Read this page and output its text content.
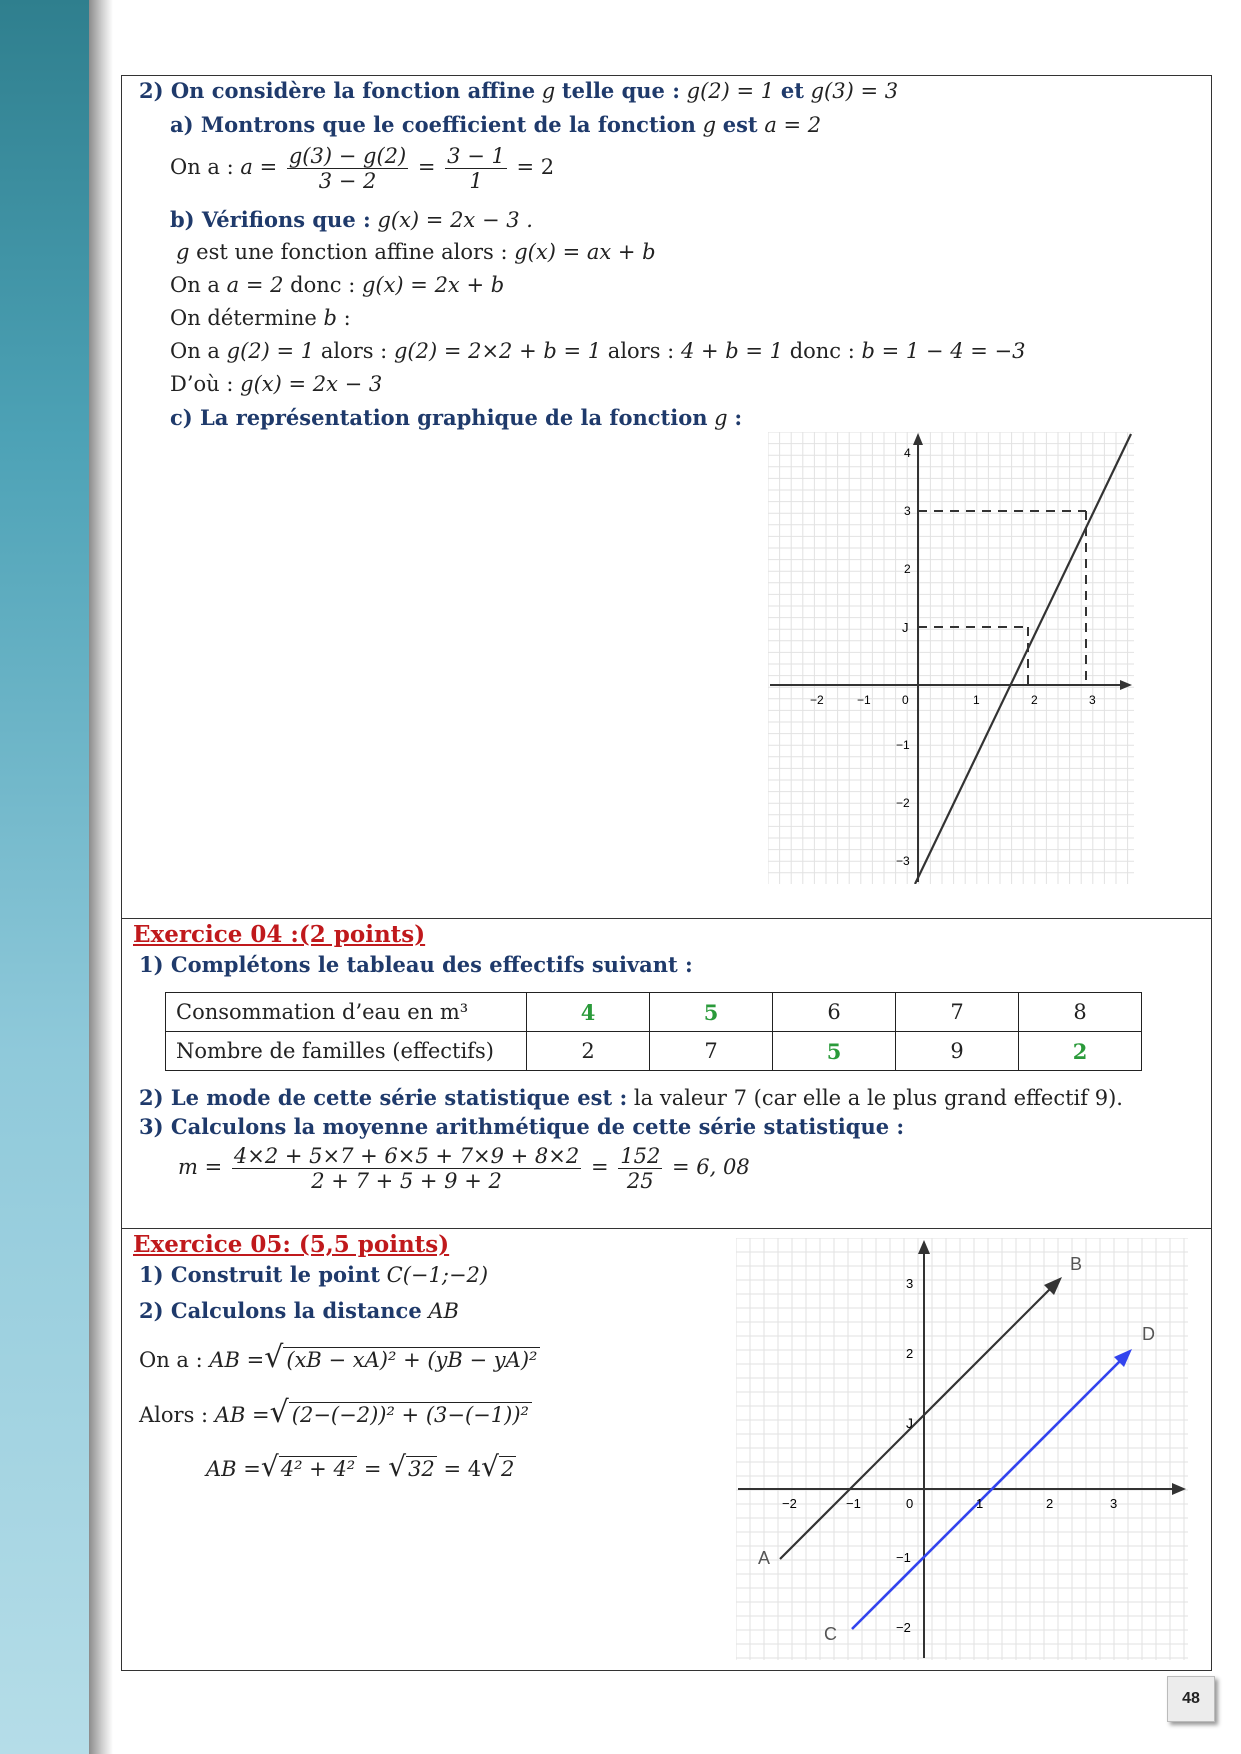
2) On considère la fonction affine g telle que : g(2) = 1 et g(3) = 3
a) Montrons que le coefficient de la fonction g est a = 2
On a : $a = \frac{g(3) - g(2)}{3 - 2} = \frac{3 - 1}{1} = 2$
b) Vérifions que : g(x) = 2x − 3 .
g est une fonction affine alors : g(x) = ax + b
On a a = 2 donc : g(x) = 2x + b
On détermine b :
On a g(2) = 1 alors : g(2) = 2×2 + b = 1 alors : 4 + b = 1 donc : b = 1 − 4 = −3
D’où : g(x) = 2x − 3
c) La représentation graphique de la fonction g :
0	1	2	3
4
3
2
J
−1
−2
−3
−2	−1
Exercice 04 :(2 points)
1) Complétons le tableau des effectifs suivant :
Consommation d’eau en m³	4	5	6	7	8
Nombre de familles (effectifs)	2	7	5	9	2
2) Le mode de cette série statistique est : la valeur 7 (car elle a le plus grand effectif 9).
3) Calculons la moyenne arithmétique de cette série statistique :
$m = \frac{4\times 2 + 5\times 7 + 6\times 5 + 7\times 9 + 8\times 2}{2 + 7 + 5 + 9 + 2} = \frac{152}{25} = 6$, 08
Exercice 05: (5,5 points)
1) Construit le point C(−1;−2)
2) Calculons la distance AB
On a : AB =√ (xB − xA)² + (yB − yA)²
Alors : AB =√ (2−(−2))² + (3−(−1))²
AB =√4² + 4² = √32 = 4√2
A
B
C
D
−2	−1	0	1	2	3
3
2
J
−1
−2
48
